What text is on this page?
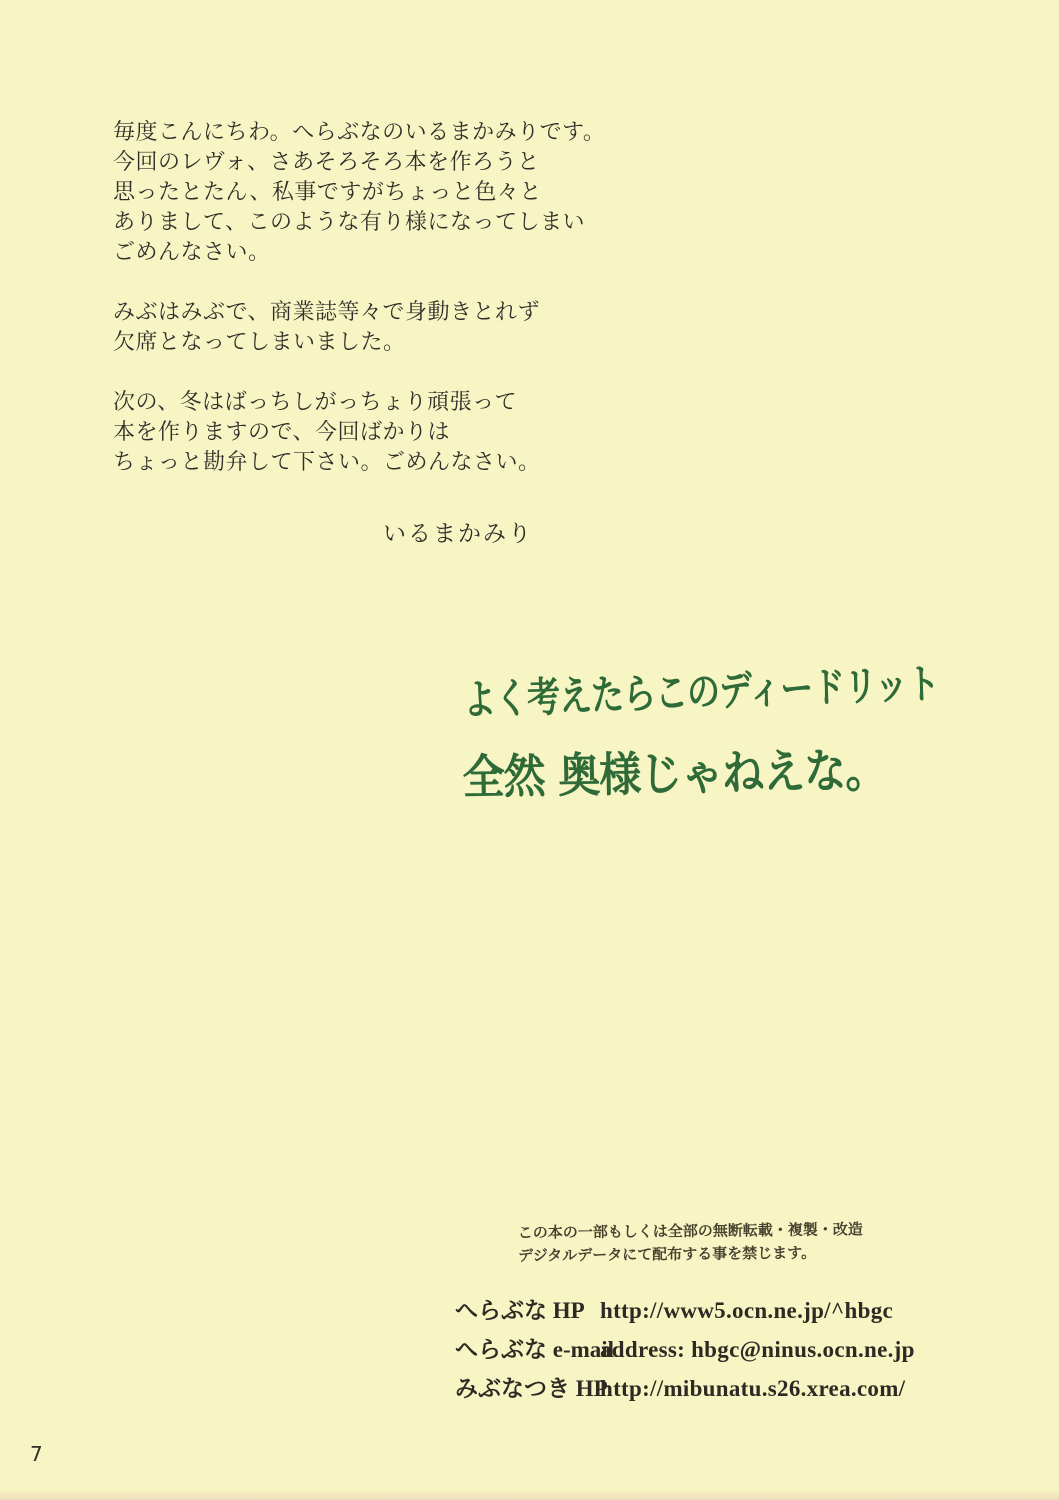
毎度こんにちわ。へらぶなのいるまかみりです。
今回のレヴォ、さあそろそろ本を作ろうと
思ったとたん、私事ですがちょっと色々と
ありまして、このような有り様になってしまい
ごめんなさい。

みぶはみぶで、商業誌等々で身動きとれず
欠席となってしまいました。

次の、冬はばっちしがっちょり頑張って
本を作りますので、今回ばかりは
ちょっと勘弁して下さい。ごめんなさい。

いるまかみり
よく考えたらこのディードリット
全然 奥様じゃねえな。
この本の一部もしくは全部の無断転載・複製・改造
デジタルデータにて配布する事を禁じます。
へらぶな HP http://www5.ocn.ne.jp/^hbgc
へらぶな e-mail
address: hbgc@ninus.ocn.ne.jp
みぶなつき HP
http://mibunatu.s26.xrea.com/
7
